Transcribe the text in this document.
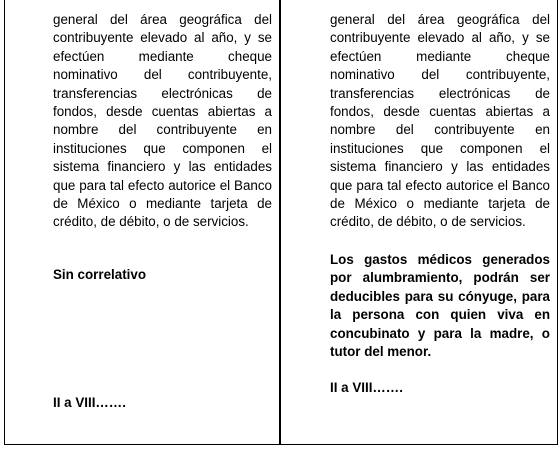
general del área geográfica del contribuyente elevado al año, y se efectúen mediante cheque nominativo del contribuyente, transferencias electrónicas de fondos, desde cuentas abiertas a nombre del contribuyente en instituciones que componen el sistema financiero y las entidades que para tal efecto autorice el Banco de México o mediante tarjeta de crédito, de débito, o de servicios.
Sin correlativo
II a VIII…….
general del área geográfica del contribuyente elevado al año, y se efectúen mediante cheque nominativo del contribuyente, transferencias electrónicas de fondos, desde cuentas abiertas a nombre del contribuyente en instituciones que componen el sistema financiero y las entidades que para tal efecto autorice el Banco de México o mediante tarjeta de crédito, de débito, o de servicios.
Los gastos médicos generados por alumbramiento, podrán ser deducibles para su cónyuge, para la persona con quien viva en concubinato y para la madre, o tutor del menor.
II a VIII…….
